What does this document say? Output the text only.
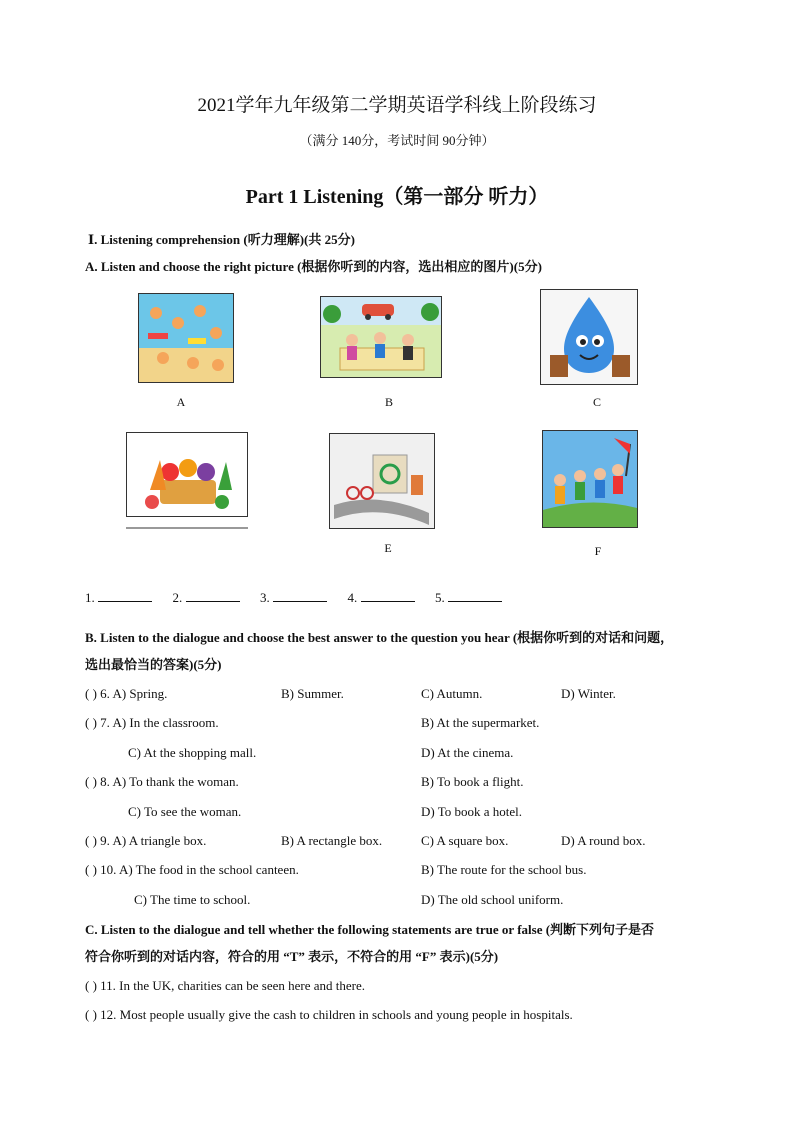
2021学年九年级第二学期英语学科线上阶段练习
（满分 140分，考试时间 90分钟）
Part 1 Listening（第一部分 听力）
Ⅰ. Listening comprehension (听力理解)(共 25分)
A. Listen and choose the right picture (根据你听到的内容，选出相应的图片)(5分)
A	B	C
E	F
1.	2.	3.	4.	5.
B. Listen to the dialogue and choose the best answer to the question you hear (根据你听到的对话和问题，
选出最恰当的答案)(5分)
( ) 6. A) Spring.	B) Summer.	C) Autumn.	D) Winter.
( ) 7. A) In the classroom.	B) At the supermarket.
C) At the shopping mall.	D) At the cinema.
( ) 8. A) To thank the woman.	B) To book a flight.
C) To see the woman.	D) To book a hotel.
( ) 9. A) A triangle box.	B) A rectangle box.	C) A square box.	D) A round box.
( ) 10. A) The food in the school canteen.	B) The route for the school bus.
C) The time to school.	D) The old school uniform.
C. Listen to the dialogue and tell whether the following statements are true or false (判断下列句子是否
符合你听到的对话内容，符合的用 “T” 表示，不符合的用 “F” 表示)(5分)
( ) 11. In the UK, charities can be seen here and there.
( ) 12. Most people usually give the cash to children in schools and young people in hospitals.
